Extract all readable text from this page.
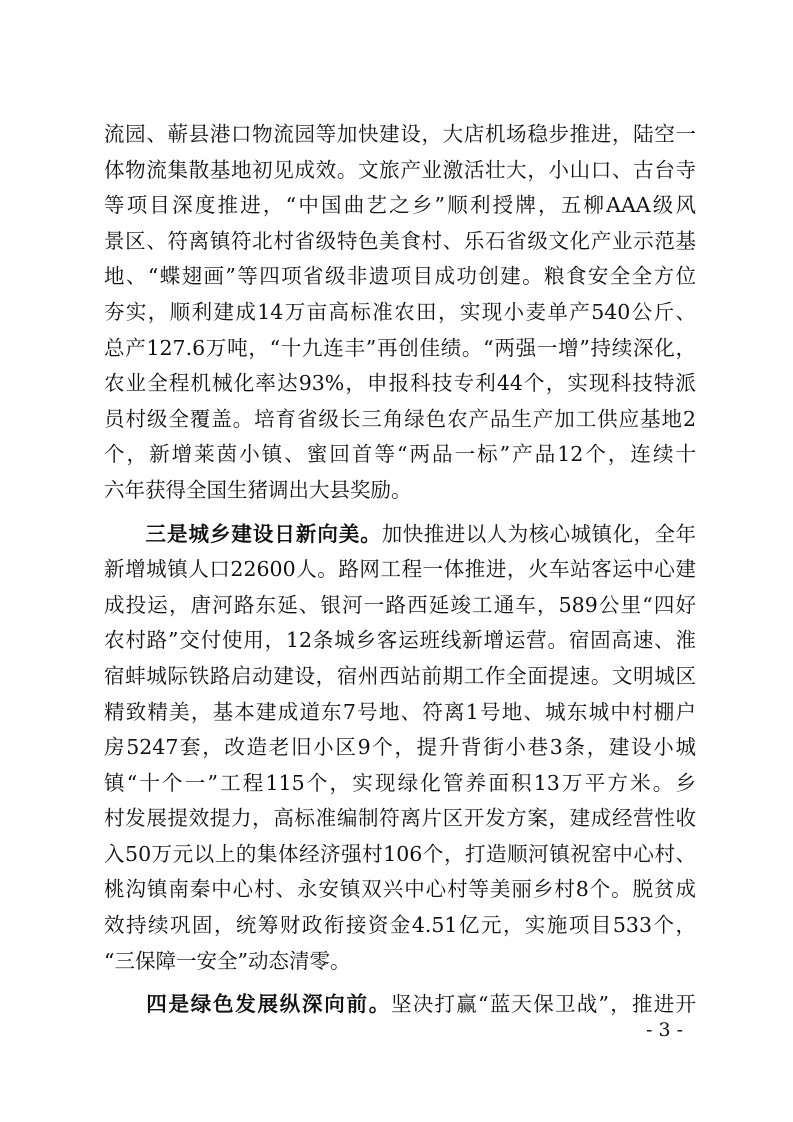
流园、蕲县港口物流园等加快建设，大店机场稳步推进，陆空一
体物流集散基地初见成效。文旅产业激活壮大，小山口、古台寺
等项目深度推进，“中国曲艺之乡”顺利授牌，五柳AAA级风
景区、符离镇符北村省级特色美食村、乐石省级文化产业示范基
地、“蝶翅画”等四项省级非遗项目成功创建。粮食安全全方位
夯实，顺利建成14万亩高标准农田，实现小麦单产540公斤、
总产127.6万吨，“十九连丰”再创佳绩。“两强一增”持续深化，
农业全程机械化率达93%，申报科技专利44个，实现科技特派
员村级全覆盖。培育省级长三角绿色农产品生产加工供应基地2
个，新增莱茵小镇、蜜回首等“两品一标”产品12个，连续十
六年获得全国生猪调出大县奖励。
三是城乡建设日新向美。加快推进以人为核心城镇化，全年
新增城镇人口22600人。路网工程一体推进，火车站客运中心建
成投运，唐河路东延、银河一路西延竣工通车，589公里“四好
农村路”交付使用，12条城乡客运班线新增运营。宿固高速、淮
宿蚌城际铁路启动建设，宿州西站前期工作全面提速。文明城区
精致精美，基本建成道东7号地、符离1号地、城东城中村棚户
房5247套，改造老旧小区9个，提升背街小巷3条，建设小城
镇“十个一”工程115个，实现绿化管养面积13万平方米。乡
村发展提效提力，高标准编制符离片区开发方案，建成经营性收
入50万元以上的集体经济强村106个，打造顺河镇祝窑中心村、
桃沟镇南秦中心村、永安镇双兴中心村等美丽乡村8个。脱贫成
效持续巩固，统筹财政衔接资金4.51亿元，实施项目533个，
“三保障一安全”动态清零。
四是绿色发展纵深向前。坚决打赢“蓝天保卫战”，推进开
- 3 -
